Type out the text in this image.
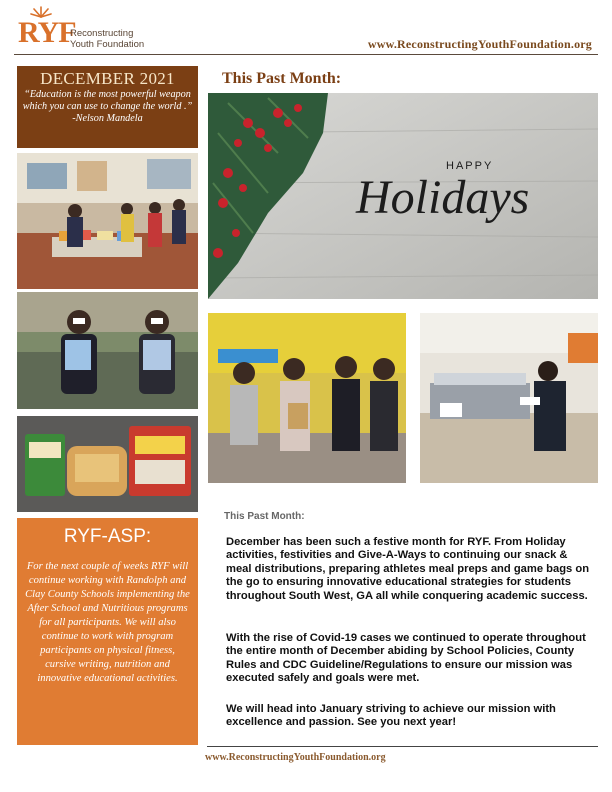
RYF
Reconstructing
Youth Foundation	www.ReconstructingYouthFoundation.org
DECEMBER 2021
“Education is the most powerful weapon which you can use to change the world .”
-Nelson Mandela
RYF-ASP:
For the next couple of weeks RYF will continue working with Randolph and Clay County Schools implementing the After School and Nutritious programs for all participants. We will also continue to work with program participants on physical fitness, cursive writing, nutrition and innovative educational activities.
This Past Month:
HAPPY
Holidays
This Past Month:
December has been such a festive month for RYF. From Holiday activities, festivities and Give-A-Ways to continuing our snack & meal distributions, preparing athletes meal preps and game bags on the go to ensuring innovative educational strategies for students throughout South West, GA all while conquering academic success.
With the rise of Covid-19 cases we continued to operate throughout the entire month of December abiding by School Policies, County Rules and CDC Guideline/Regulations to ensure our mission was executed safely and goals were met.
We will head into January striving to achieve our mission with excellence and passion. See you next year!
www.ReconstructingYouthFoundation.org
